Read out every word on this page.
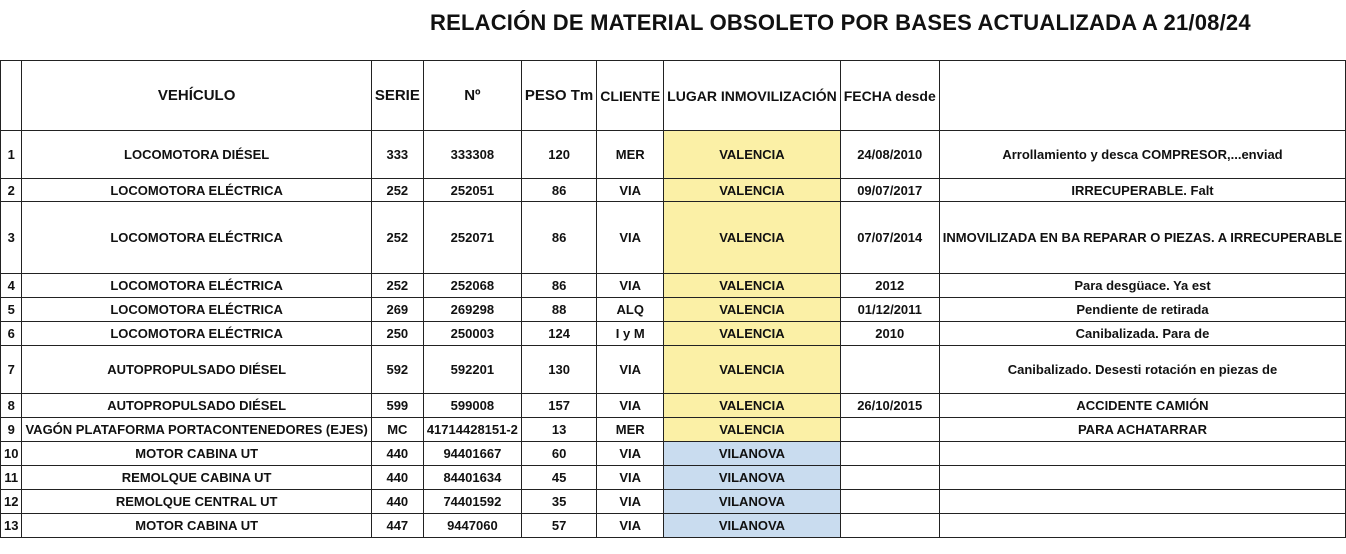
RELACIÓN DE MATERIAL OBSOLETO POR BASES ACTUALIZADA A 21/08/24
	VEHÍCULO	SERIE	Nº	PESO Tm	CLIENTE	LUGAR INMOVILIZACIÓN	FECHA desde	
1	LOCOMOTORA DIÉSEL	333	333308	120	MER	VALENCIA	24/08/2010	Arrollamiento y desca COMPRESOR,...enviad
2	LOCOMOTORA ELÉCTRICA	252	252051	86	VIA	VALENCIA	09/07/2017	IRRECUPERABLE. Falt
3	LOCOMOTORA ELÉCTRICA	252	252071	86	VIA	VALENCIA	07/07/2014	INMOVILIZADA EN BA REPARAR O PIEZAS. A IRRECUPERABLE
4	LOCOMOTORA ELÉCTRICA	252	252068	86	VIA	VALENCIA	2012	Para desgüace. Ya est
5	LOCOMOTORA ELÉCTRICA	269	269298	88	ALQ	VALENCIA	01/12/2011	Pendiente de retirada
6	LOCOMOTORA ELÉCTRICA	250	250003	124	I y M	VALENCIA	2010	Canibalizada. Para de
7	AUTOPROPULSADO DIÉSEL	592	592201	130	VIA	VALENCIA		Canibalizado. Desesti rotación en piezas de
8	AUTOPROPULSADO DIÉSEL	599	599008	157	VIA	VALENCIA	26/10/2015	ACCIDENTE CAMIÓN
9	VAGÓN PLATAFORMA PORTACONTENEDORES (EJES)	MC	41714428151-2	13	MER	VALENCIA		PARA ACHATARRAR
10	MOTOR CABINA UT	440	94401667	60	VIA	VILANOVA		
11	REMOLQUE CABINA UT	440	84401634	45	VIA	VILANOVA		
12	REMOLQUE CENTRAL UT	440	74401592	35	VIA	VILANOVA		
13	MOTOR CABINA UT	447	9447060	57	VIA	VILANOVA		
